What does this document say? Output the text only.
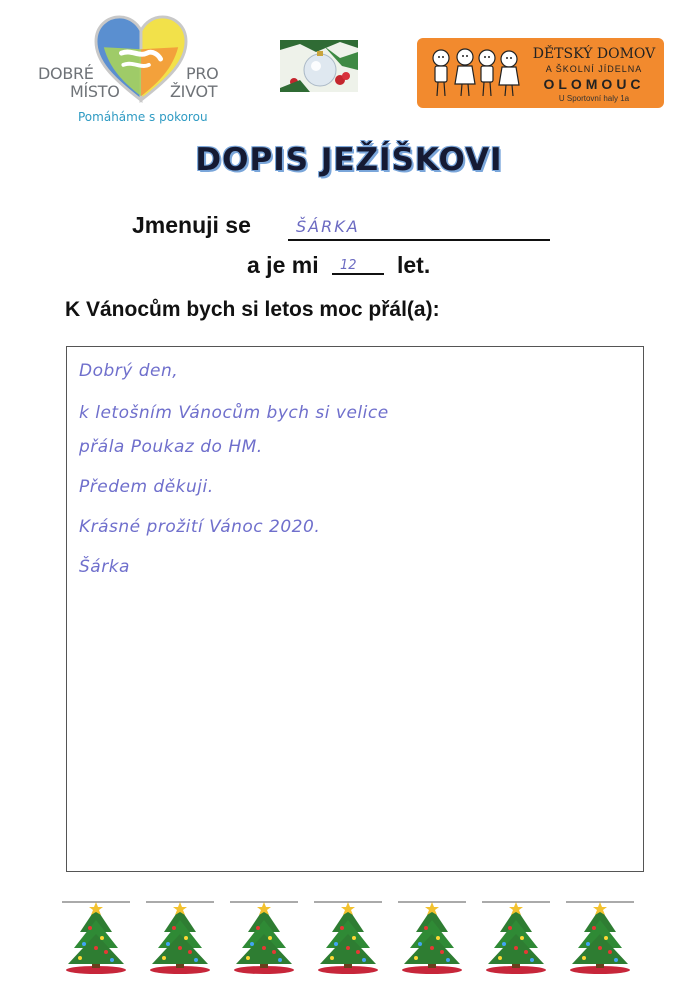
DOBRÉ
MÍSTO
PRO
ŽIVOT
Pomáháme s pokorou
DĚTSKÝ DOMOV
A ŠKOLNÍ JÍDELNA
OLOMOUC
U Sportovní haly 1a
DOPIS JEŽÍŠKOVI
Jmenuji se	ŠÁRKA
a je mi 12 let.
K Vánocům bych si letos moc přál(a):
Dobrý den,
k letošním Vánocům bych si velice
přála Poukaz do HM.
Předem děkuji.
Krásné prožití Vánoc 2020.
Šárka
